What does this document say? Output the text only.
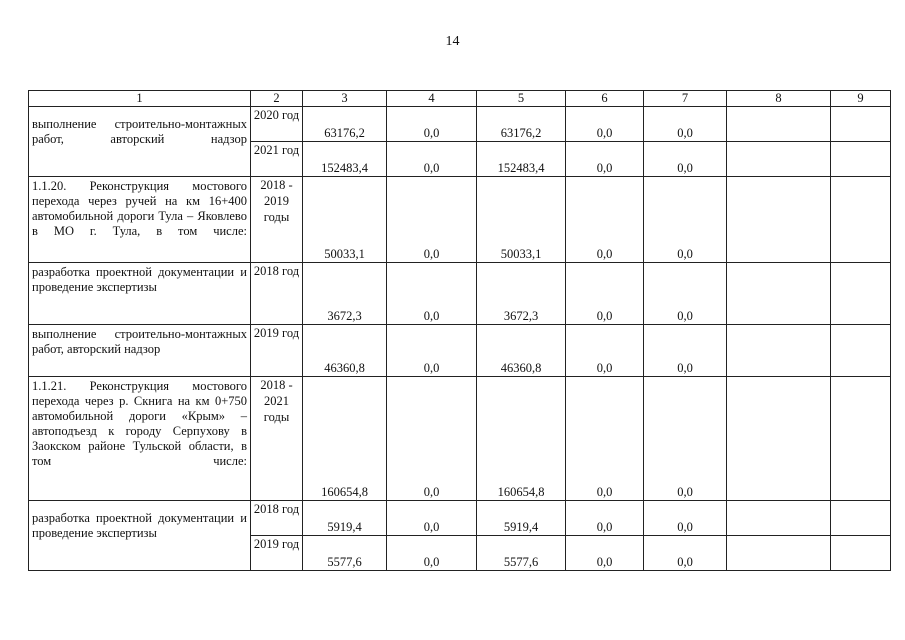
14
1	2	3	4	5	6	7	8	9
выполнение строительно-монтажных работ, авторский надзор	2020 год	63176,2	0,0	63176,2	0,0	0,0		
	2021 год	152483,4	0,0	152483,4	0,0	0,0		
1.1.20. Реконструкция мостового перехода через ручей на км 16+400 автомобильной дороги Тула – Яковлево в МО г. Тула, в том числе:	2018 - 2019 годы	50033,1	0,0	50033,1	0,0	0,0		
разработка проектной документации и проведение экспертизы	2018 год	3672,3	0,0	3672,3	0,0	0,0		
выполнение строительно-монтажных работ, авторский надзор	2019 год	46360,8	0,0	46360,8	0,0	0,0		
1.1.21. Реконструкция мостового перехода через р. Скнига на км 0+750 автомобильной дороги «Крым» – автоподъезд к городу Серпухову в Заокском районе Тульской области, в том числе:	2018 - 2021 годы	160654,8	0,0	160654,8	0,0	0,0		
разработка проектной документации и проведение экспертизы	2018 год	5919,4	0,0	5919,4	0,0	0,0		
	2019 год	5577,6	0,0	5577,6	0,0	0,0		
